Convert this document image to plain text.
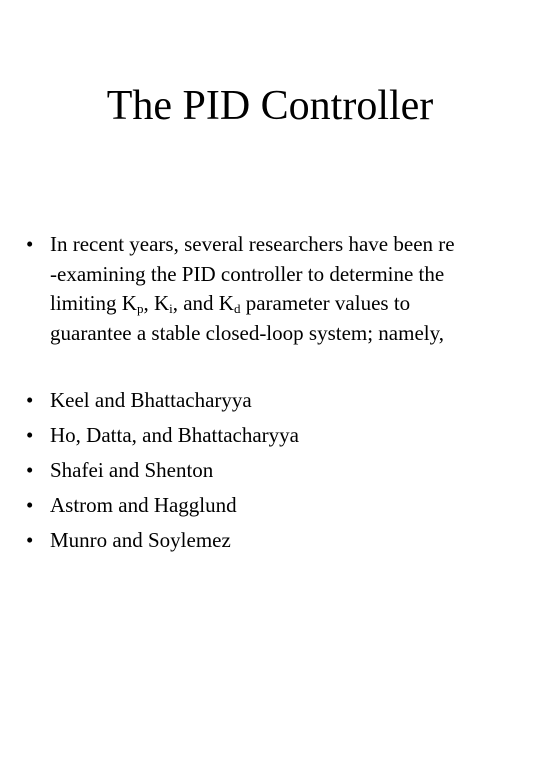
The PID Controller
• In recent years, several researchers have been re
-examining the PID controller to determine the
limiting Kp, Ki, and Kd parameter values to
guarantee a stable closed-loop system; namely,
• Keel and Bhattacharyya
• Ho, Datta, and Bhattacharyya
• Shafei and Shenton
• Astrom and Hagglund
• Munro and Soylemez
